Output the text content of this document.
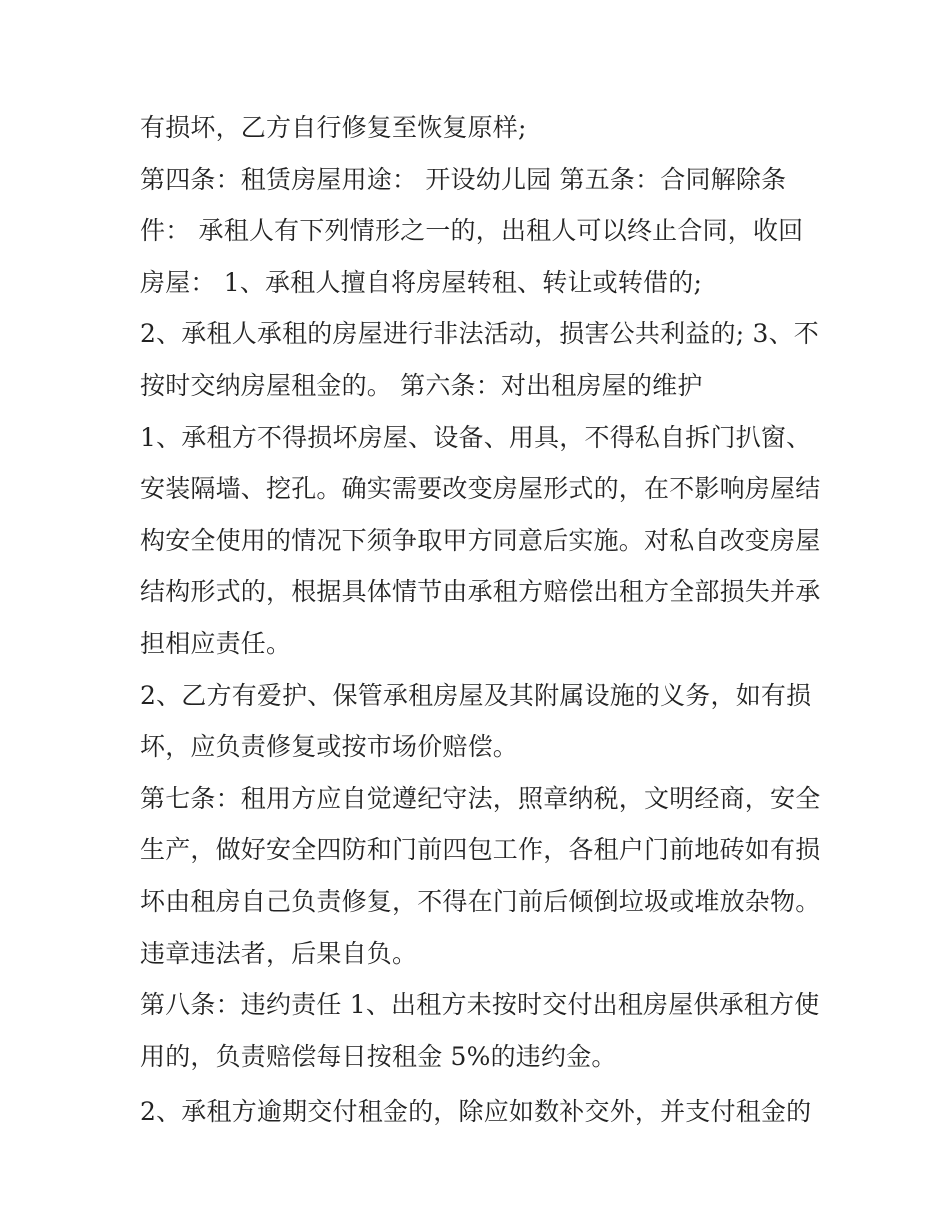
有损坏，乙方自行修复至恢复原样;
第四条：租赁房屋用途： 开设幼儿园 第五条：合同解除条
件： 承租人有下列情形之一的，出租人可以终止合同，收回
房屋： 1、承租人擅自将房屋转租、转让或转借的;
2、承租人承租的房屋进行非法活动，损害公共利益的; 3、不
按时交纳房屋租金的。 第六条：对出租房屋的维护
1、承租方不得损坏房屋、设备、用具，不得私自拆门扒窗、
安装隔墙、挖孔。确实需要改变房屋形式的，在不影响房屋结
构安全使用的情况下须争取甲方同意后实施。对私自改变房屋
结构形式的，根据具体情节由承租方赔偿出租方全部损失并承
担相应责任。
2、乙方有爱护、保管承租房屋及其附属设施的义务，如有损
坏，应负责修复或按市场价赔偿。
第七条：租用方应自觉遵纪守法，照章纳税，文明经商，安全
生产，做好安全四防和门前四包工作，各租户门前地砖如有损
坏由租房自己负责修复，不得在门前后倾倒垃圾或堆放杂物。
违章违法者，后果自负。
第八条：违约责任 1、出租方未按时交付出租房屋供承租方使
用的，负责赔偿每日按租金 5%的违约金。
2、承租方逾期交付租金的，除应如数补交外，并支付租金的
